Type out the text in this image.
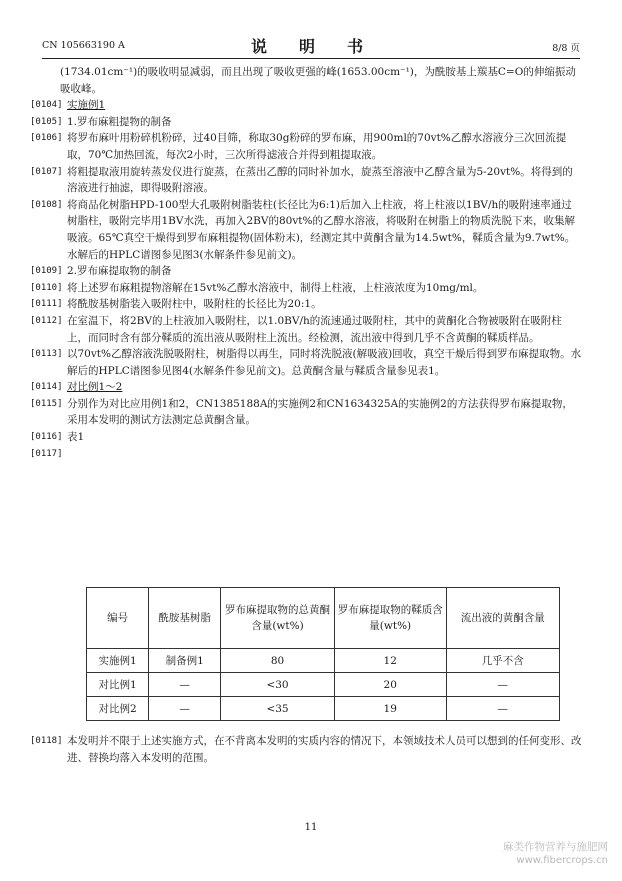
CN 105663190 A	说　明　书	8/8 页

(1734.01cm⁻¹)的吸收明显减弱，而且出现了吸收更强的峰(1653.00cm⁻¹)，为酰胺基上羰基C=O的伸缩振动吸收峰。

[0104] 实施例1

[0105] 1.罗布麻粗提物的制备

[0106] 将罗布麻叶用粉碎机粉碎，过40目筛，称取30g粉碎的罗布麻，用900ml的70vt%乙醇水溶液分三次回流提取，70℃加热回流，每次2小时，三次所得滤液合并得到粗提取液。

[0107] 将粗提取液用旋转蒸发仪进行旋蒸，在蒸出乙醇的同时补加水，旋蒸至溶液中乙醇含量为5-20vt%。将得到的溶液进行抽滤，即得吸附溶液。

[0108] 将商品化树脂HPD-100型大孔吸附树脂装柱(长径比为6:1)后加入上柱液，将上柱液以1BV/h的吸附速率通过树脂柱，吸附完毕用1BV水洗，再加入2BV的80vt%的乙醇水溶液，将吸附在树脂上的物质洗脱下来，收集解吸液。65℃真空干燥得到罗布麻粗提物(固体粉末)，经测定其中黄酮含量为14.5wt%，鞣质含量为9.7wt%。水解后的HPLC谱图参见图3(水解条件参见前文)。

[0109] 2.罗布麻提取物的制备

[0110] 将上述罗布麻粗提物溶解在15vt%乙醇水溶液中，制得上柱液，上柱液浓度为10mg/ml。

[0111] 将酰胺基树脂装入吸附柱中，吸附柱的长径比为20:1。

[0112] 在室温下，将2BV的上柱液加入吸附柱，以1.0BV/h的流速通过吸附柱，其中的黄酮化合物被吸附在吸附柱上，而同时含有部分鞣质的流出液从吸附柱上流出。经检测，流出液中得到几乎不含黄酮的鞣质样品。

[0113] 以70vt%乙醇溶液洗脱吸附柱，树脂得以再生，同时将洗脱液(解吸液)回收，真空干燥后得到罗布麻提取物。水解后的HPLC谱图参见图4(水解条件参见前文)。总黄酮含量与鞣质含量参见表1。

[0114] 对比例1～2

[0115] 分别作为对比应用例1和2，CN1385188A的实施例2和CN1634325A的实施例2的方法获得罗布麻提取物，采用本发明的测试方法测定总黄酮含量。

[0116] 表1

[0117]

编号	酰胺基树脂	罗布麻提取物的总黄酮含量(wt%)	罗布麻提取物的鞣质含量(wt%)	流出液的黄酮含量
实施例1	制备例1	80	12	几乎不含
对比例1	—	<30	20	—
对比例2	—	<35	19	—

[0118] 本发明并不限于上述实施方式，在不背离本发明的实质内容的情况下，本领域技术人员可以想到的任何变形、改进、替换均落入本发明的范围。

11
麻类作物营养与施肥网
www.fibercrops.cn
